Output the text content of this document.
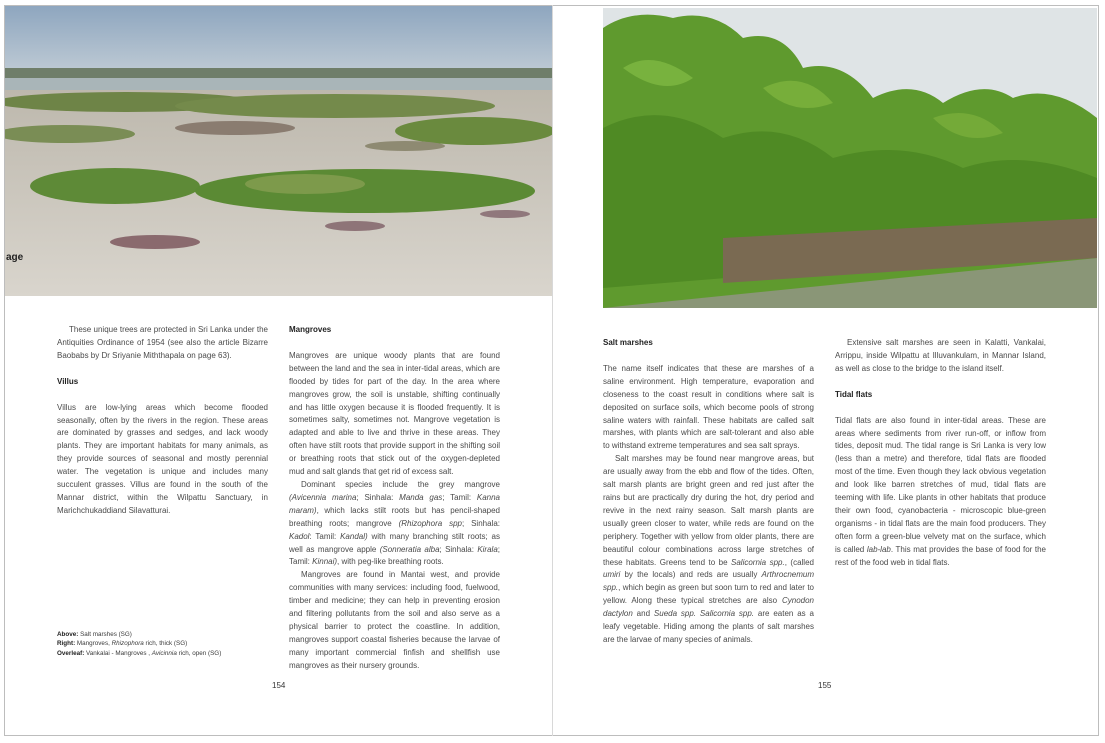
age

These unique trees are protected in Sri Lanka under the Antiquities Ordinance of 1954 (see also the article Bizarre Baobabs by Dr Sriyanie Miththapala on page 63).

Villus

Villus are low-lying areas which become flooded seasonally, often by the rivers in the region. These areas are dominated by grasses and sedges, and lack woody plants. They are important habitats for many animals, as they provide sources of seasonal and mostly perennial water. The vegetation is unique and includes many succulent grasses. Villus are found in the south of the Mannar district, within the Wilpattu Sanctuary, in Marichchukaddiand Silavatturai.

Mangroves

Mangroves are unique woody plants that are found between the land and the sea in inter-tidal areas, which are flooded by tides for part of the day. In the area where mangroves grow, the soil is unstable, shifting continually and has little oxygen because it is flooded frequently. It is sometimes salty, sometimes not. Mangrove vegetation is adapted and able to live and thrive in these areas. They often have stilt roots that provide support in the shifting soil or breathing roots that stick out of the oxygen-depleted mud and salt glands that get rid of excess salt.

Dominant species include the grey mangrove (Avicennia marina; Sinhala: Manda gas; Tamil: Kanna maram), which lacks stilt roots but has pencil-shaped breathing roots; mangrove (Rhizophora spp; Sinhala: Kadol: Tamil: Kandal) with many branching stilt roots; as well as mangrove apple (Sonneratia alba; Sinhala: Kirala; Tamil: Kinnai), with peg-like breathing roots.

Mangroves are found in Mantai west, and provide communities with many services: including food, fuelwood, timber and medicine; they can help in preventing erosion and filtering pollutants from the soil and also serve as a physical barrier to protect the coastline. In addition, mangroves support coastal fisheries because the larvae of many important commercial finfish and shellfish use mangroves as their nursery grounds.

Above: Salt marshes (SG)
Right: Mangroves, Rhizophora rich, thick (SG)
Overleaf: Vankalai - Mangroves , Avicinnia rich, open (SG)
Salt marshes

The name itself indicates that these are marshes of a saline environment. High temperature, evaporation and closeness to the coast result in conditions where salt is deposited on surface soils, which become pools of strong saline waters with rainfall. These habitats are called salt marshes, with plants which are salt-tolerant and also able to withstand extreme temperatures and sea salt sprays.

Salt marshes may be found near mangrove areas, but are usually away from the ebb and flow of the tides. Often, salt marsh plants are bright green and red just after the rains but are practically dry during the hot, dry period and revive in the next rainy season. Salt marsh plants are usually green closer to water, while reds are found on the periphery. Together with yellow from older plants, there are beautiful colour combinations across large stretches of these habitats. Greens tend to be Salicornia spp., (called umiri by the locals) and reds are usually Arthrocnemum spp., which begin as green but soon turn to red and later to yellow. Along these typical stretches are also Cynodon dactylon and Sueda spp. Salicornia spp. are eaten as a leafy vegetable. Hiding among the plants of salt marshes are the larvae of many species of animals.

Extensive salt marshes are seen in Kalatti, Vankalai, Arrippu, inside Wilpattu at Illuvankulam, in Mannar Island, as well as close to the bridge to the island itself.

Tidal flats

Tidal flats are also found in inter-tidal areas. These are areas where sediments from river run-off, or inflow from tides, deposit mud. The tidal range is Sri Lanka is very low (less than a metre) and therefore, tidal flats are flooded most of the time. Even though they lack obvious vegetation and look like barren stretches of mud, tidal flats are teeming with life. Like plants in other habitats that produce their own food, cyanobacteria - microscopic blue-green organisms - in tidal flats are the main food producers. They often form a green-blue velvety mat on the surface, which is called lab-lab. This mat provides the base of food for the rest of the food web in tidal flats.

154	155
